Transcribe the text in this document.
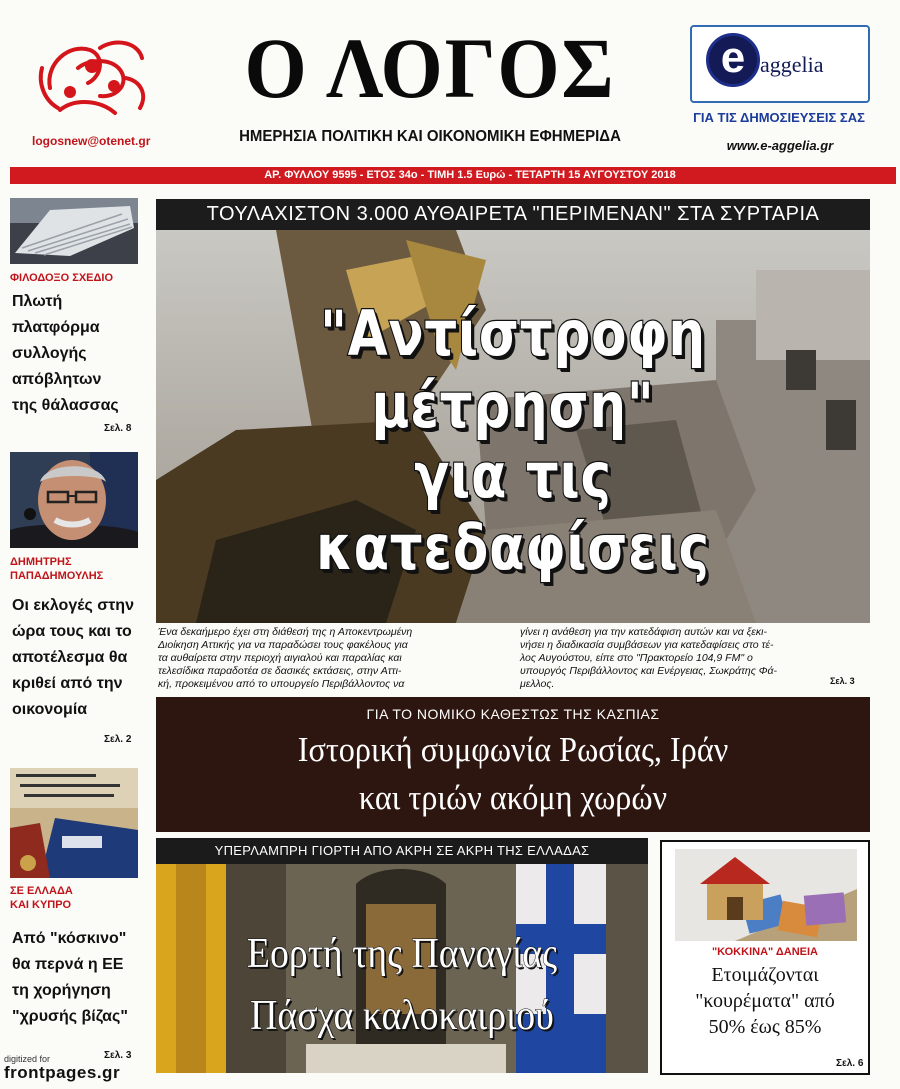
logosnew@otenet.gr
Ο ΛΟΓΟΣ
ΗΜΕΡΗΣΙΑ ΠΟΛΙΤΙΚΗ ΚΑΙ ΟΙΚΟΝΟΜΙΚΗ ΕΦΗΜΕΡΙΔΑ
e aggelia
ΓΙΑ ΤΙΣ ΔΗΜΟΣΙΕΥΣΕΙΣ ΣΑΣ
www.e-aggelia.gr
ΑΡ. ΦΥΛΛΟΥ 9595 - ΕΤΟΣ 34ο - ΤΙΜΗ 1.5 Ευρώ - ΤΕΤΑΡΤΗ 15 ΑΥΓΟΥΣΤΟΥ 2018
ΦΙΛΟΔΟΞΟ ΣΧΕΔΙΟ
Πλωτή
πλατφόρμα
συλλογής
απόβλητων
της θάλασσας
Σελ. 8
ΔΗΜΗΤΡΗΣ
ΠΑΠΑΔΗΜΟΥΛΗΣ
Οι εκλογές στην
ώρα τους και το
αποτέλεσμα θα
κριθεί από την
οικονομία
Σελ. 2
ΣΕ ΕΛΛΑΔΑ
ΚΑΙ ΚΥΠΡΟ
Από "κόσκινο"
θα περνά η ΕΕ
τη χορήγηση
"χρυσής βίζας"
Σελ. 3
ΤΟΥΛΑΧΙΣΤΟΝ 3.000 ΑΥΘΑΙΡΕΤΑ "ΠΕΡΙΜΕΝΑΝ" ΣΤΑ ΣΥΡΤΑΡΙΑ
"Αντίστροφη μέτρηση"
για τις κατεδαφίσεις
Ένα δεκαήμερο έχει στη διάθεσή της η Αποκεντρωμένη
Διοίκηση Αττικής για να παραδώσει τους φακέλους για
τα αυθαίρετα στην περιοχή αιγιαλού και παραλίας και
τελεσίδικα παραδοτέα σε δασικές εκτάσεις, στην Αττι-
κή, προκειμένου από το υπουργείο Περιβάλλοντος να
γίνει η ανάθεση για την κατεδάφιση αυτών και να ξεκι-
νήσει η διαδικασία συμβάσεων για κατεδαφίσεις στο τέ-
λος Αυγούστου, είπε στο "Πρακτορείο 104,9 FM" ο
υπουργός Περιβάλλοντος και Ενέργειας, Σωκράτης Φά-
μελλος.	Σελ. 3
ΓΙΑ ΤΟ ΝΟΜΙΚΟ ΚΑΘΕΣΤΩΣ ΤΗΣ ΚΑΣΠΙΑΣ
Ιστορική συμφωνία Ρωσίας, Ιράν
και τριών ακόμη χωρών
ΥΠΕΡΛΑΜΠΡΗ ΓΙΟΡΤΗ ΑΠΟ ΑΚΡΗ ΣΕ ΑΚΡΗ ΤΗΣ ΕΛΛΑΔΑΣ
Εορτή της Παναγίας
Πάσχα καλοκαιριού
"ΚΟΚΚΙΝΑ" ΔΑΝΕΙΑ
Ετοιμάζονται
"κουρέματα" από
50% έως 85%
Σελ. 6
digitized for
frontpages.gr
